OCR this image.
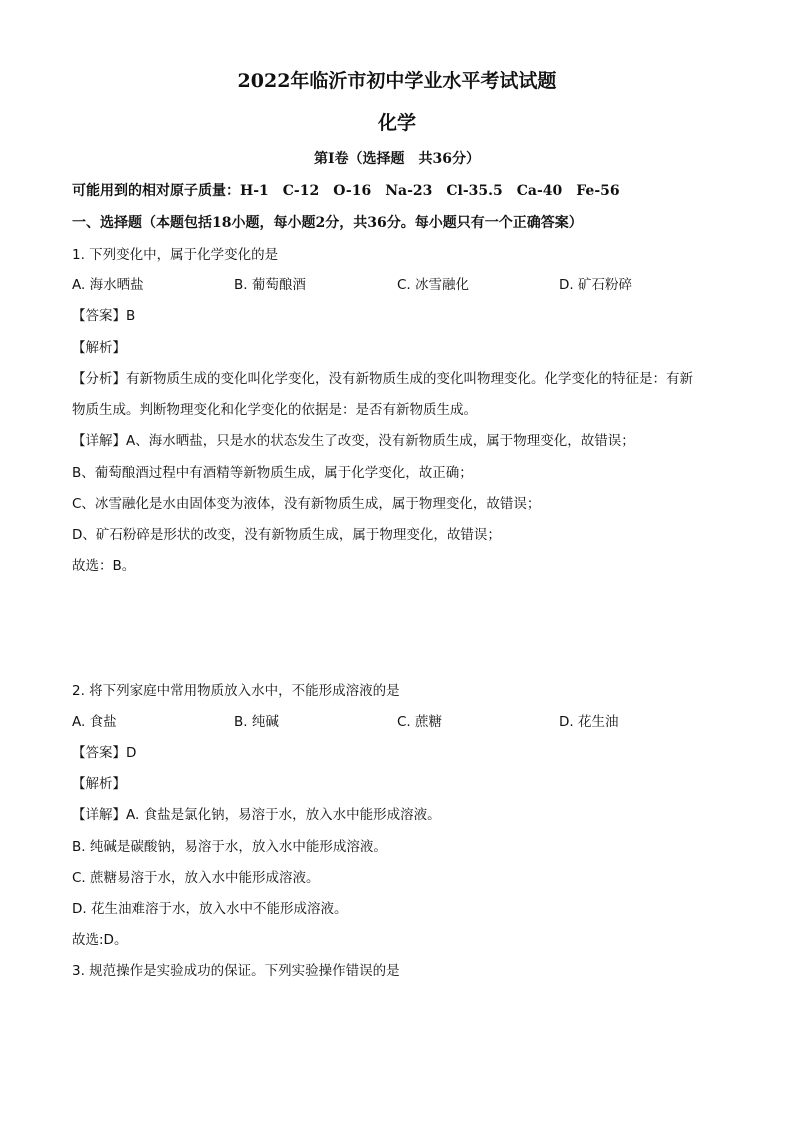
2022年临沂市初中学业水平考试试题
化学
第I卷（选择题　共36分）
可能用到的相对原子质量：H-1　C-12　O-16　Na-23　Cl-35.5　Ca-40　Fe-56
一、选择题（本题包括18小题，每小题2分，共36分。每小题只有一个正确答案）
1. 下列变化中，属于化学变化的是
A. 海水晒盐	B. 葡萄酿酒	C. 冰雪融化	D. 矿石粉碎
【答案】B
【解析】
【分析】有新物质生成的变化叫化学变化，没有新物质生成的变化叫物理变化。化学变化的特征是：有新
物质生成。判断物理变化和化学变化的依据是：是否有新物质生成。
【详解】A、海水晒盐，只是水的状态发生了改变，没有新物质生成，属于物理变化，故错误；
B、葡萄酿酒过程中有酒精等新物质生成，属于化学变化，故正确；
C、冰雪融化是水由固体变为液体，没有新物质生成，属于物理变化，故错误；
D、矿石粉碎是形状的改变，没有新物质生成，属于物理变化，故错误；
故选：B。
2. 将下列家庭中常用物质放入水中，不能形成溶液的是
A. 食盐	B. 纯碱	C. 蔗糖	D. 花生油
【答案】D
【解析】
【详解】A. 食盐是氯化钠，易溶于水，放入水中能形成溶液。
B. 纯碱是碳酸钠，易溶于水，放入水中能形成溶液。
C. 蔗糖易溶于水，放入水中能形成溶液。
D. 花生油难溶于水，放入水中不能形成溶液。
故选:D。
3. 规范操作是实验成功的保证。下列实验操作错误的是
